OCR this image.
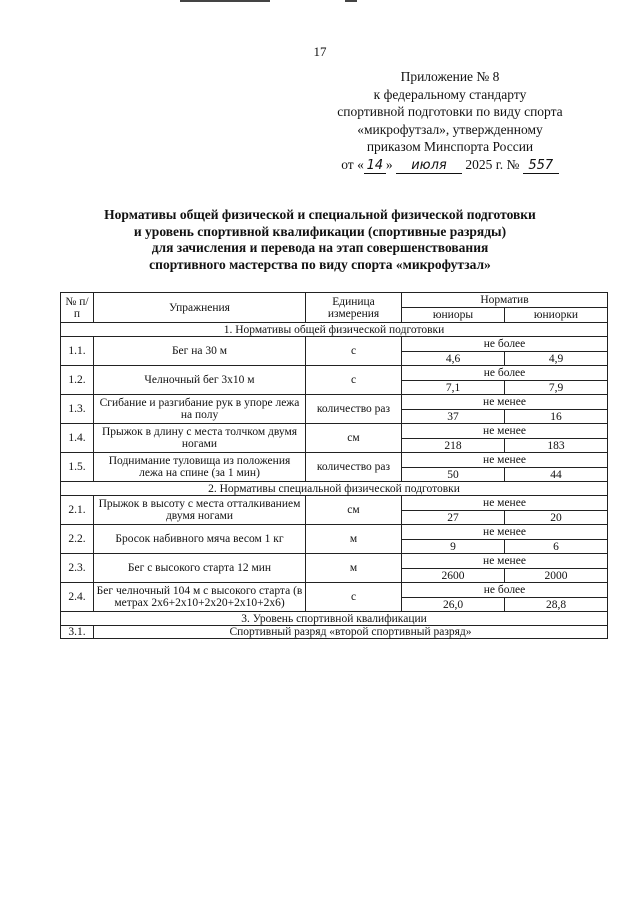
17
Приложение № 8
к федеральному стандарту
спортивной подготовки по виду спорта
«микрофутзал», утвержденному
приказом Минспорта России
от « 14 » июля 2025 г. № 557
Нормативы общей физической и специальной физической подготовки
и уровень спортивной квалификации (спортивные разряды)
для зачисления и перевода на этап совершенствования
спортивного мастерства по виду спорта «микрофутзал»
№ п/п	Упражнения	Единица измерения	Норматив	
			юниоры	юниорки
1. Нормативы общей физической подготовки				
1.1.	Бег на 30 м	с	не более	
			4,6	4,9
1.2.	Челночный бег 3х10 м	с	не более	
			7,1	7,9
1.3.	Сгибание и разгибание рук в упоре лежа на полу	количество раз	не менее	
			37	16
1.4.	Прыжок в длину с места толчком двумя ногами	см	не менее	
			218	183
1.5.	Поднимание туловища из положения лежа на спине (за 1 мин)	количество раз	не менее	
			50	44
2. Нормативы специальной физической подготовки				
2.1.	Прыжок в высоту с места отталкиванием двумя ногами	см	не менее	
			27	20
2.2.	Бросок набивного мяча весом 1 кг	м	не менее	
			9	6
2.3.	Бег с высокого старта 12 мин	м	не менее	
			2600	2000
2.4.	Бег челночный 104 м с высокого старта (в метрах 2х6+2х10+2х20+2х10+2х6)	с	не более	
			26,0	28,8
3. Уровень спортивной квалификации				
3.1.	Спортивный разряд «второй спортивный разряд»			
